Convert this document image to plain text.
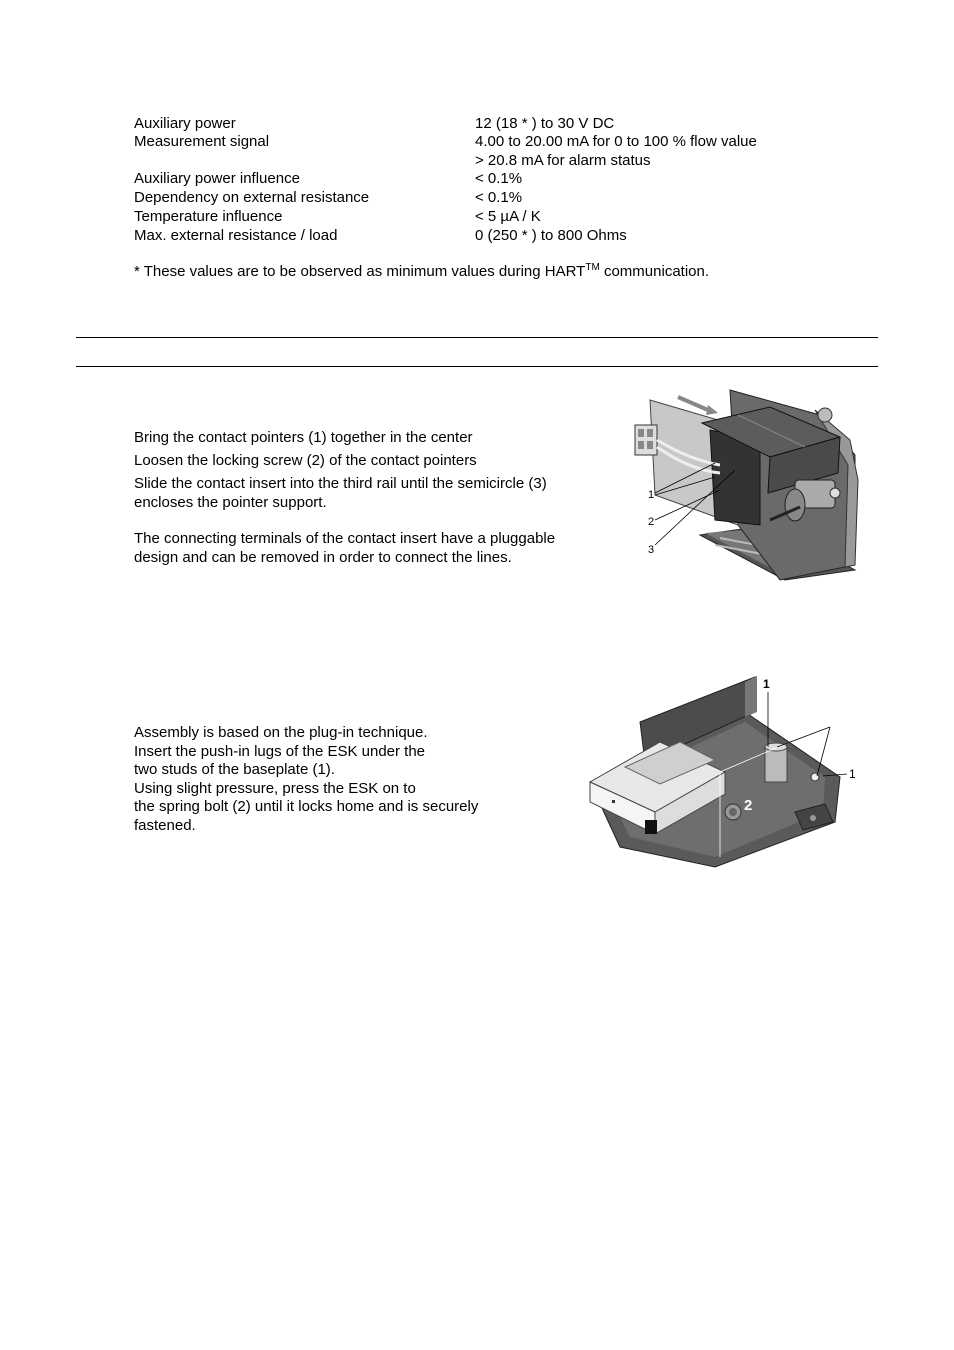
Auxiliary power	12 (18 * ) to 30 V DC
Measurement signal	4.00 to 20.00 mA for 0 to 100 % flow value
> 20.8 mA for alarm status
Auxiliary power influence	< 0.1%
Dependency on external resistance	< 0.1%
Temperature influence	< 5 µA / K
Max. external resistance / load	0 (250 * ) to 800 Ohms
* These values are to be observed as minimum values during HART™ communication.
Bring the contact pointers (1) together in the center
Loosen the locking screw (2) of the contact pointers
Slide the contact insert into the third rail until the semicircle (3)
encloses the pointer support.
The connecting terminals of the contact insert have a pluggable
design and can be removed in order to connect the lines.
1
2
3
Assembly is based on the plug-in technique.
Insert the push-in lugs of the ESK under the
two studs of the baseplate (1).
Using slight pressure, press the ESK on to
the spring bolt (2) until it locks home and is securely
fastened.
1
1
2
